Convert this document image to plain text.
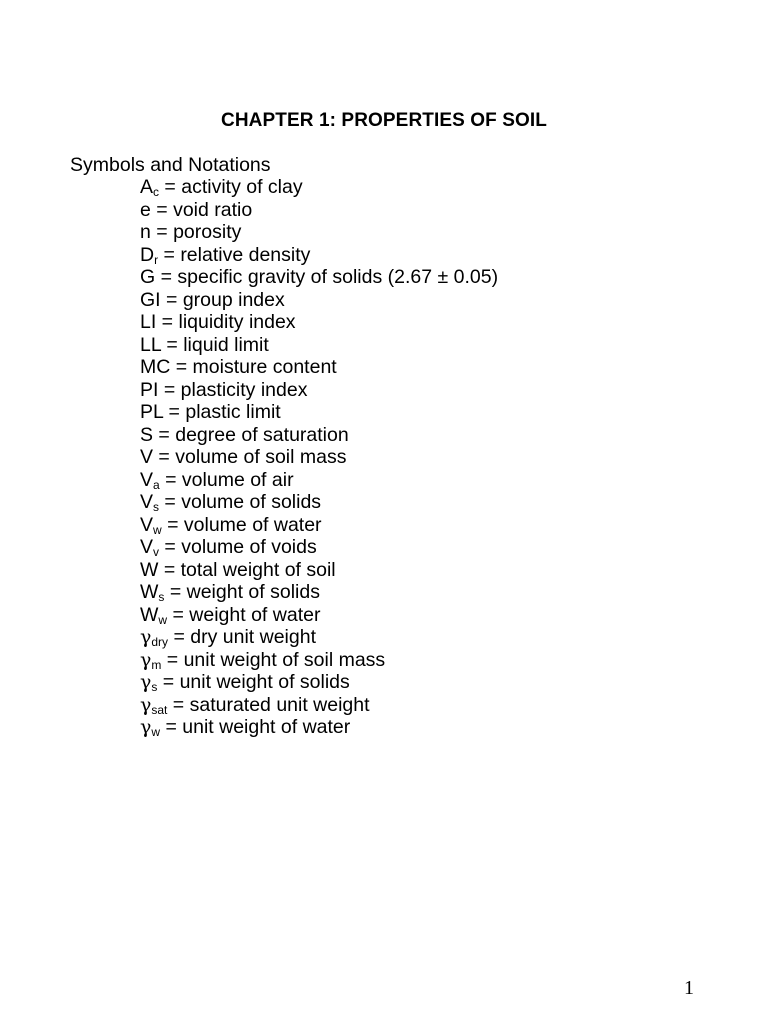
CHAPTER 1: PROPERTIES OF SOIL
Symbols and Notations
$A_c$ = activity of clay
e = void ratio
n = porosity
$D_r$ = relative density
G = specific gravity of solids (2.67 ± 0.05)
GI = group index
LI = liquidity index
LL = liquid limit
MC = moisture content
PI = plasticity index
PL = plastic limit
S = degree of saturation
V = volume of soil mass
$V_a$ = volume of air
$V_s$ = volume of solids
$V_w$ = volume of water
$V_v$ = volume of voids
W = total weight of soil
$W_s$ = weight of solids
$W_w$ = weight of water
$\gamma_{dry}$ = dry unit weight
$\gamma_m$ = unit weight of soil mass
$\gamma_s$ = unit weight of solids
$\gamma_{sat}$ = saturated unit weight
$\gamma_w$ = unit weight of water
1
